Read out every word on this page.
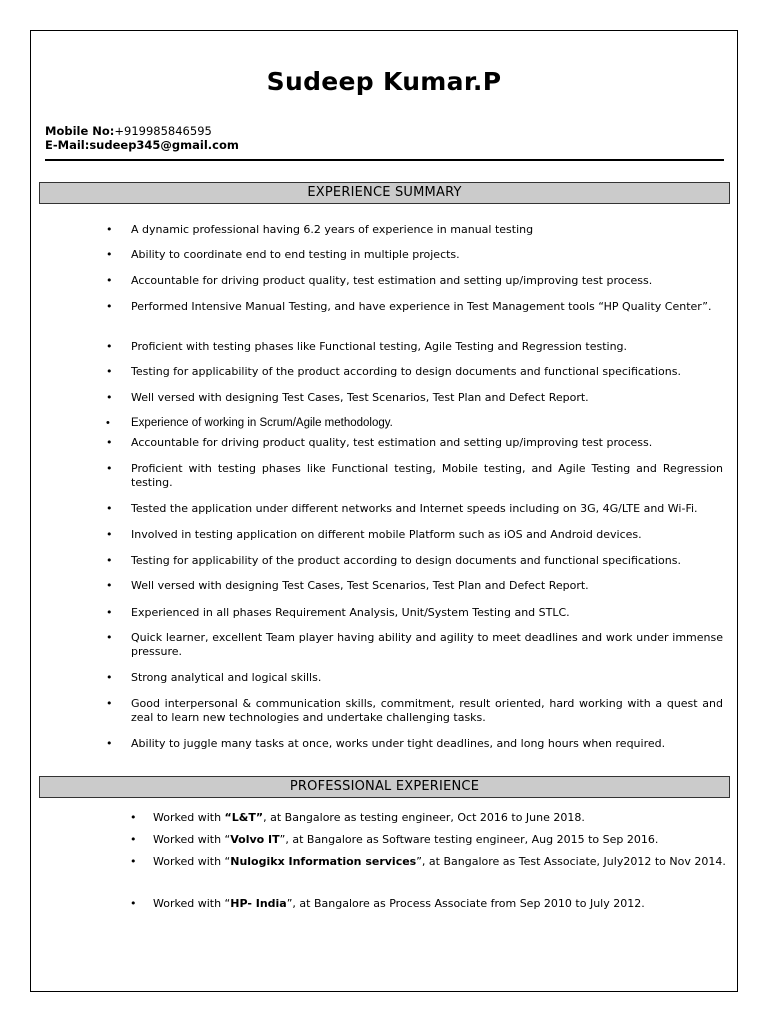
Sudeep Kumar.P
Mobile No:+919985846595
E-Mail:sudeep345@gmail.com
EXPERIENCE SUMMARY
• A dynamic professional having 6.2 years of experience in manual testing
• Ability to coordinate end to end testing in multiple projects.
• Accountable for driving product quality, test estimation and setting up/improving test process.
• Performed Intensive Manual Testing, and have experience in Test Management tools “HP Quality Center”.
• Proficient with testing phases like Functional testing, Agile Testing and Regression testing.
• Testing for applicability of the product according to design documents and functional specifications.
• Well versed with designing Test Cases, Test Scenarios, Test Plan and Defect Report.
• Experience of working in Scrum/Agile methodology.
• Accountable for driving product quality, test estimation and setting up/improving test process.
• Proficient with testing phases like Functional testing, Mobile testing, and Agile Testing and Regression testing.
• Tested the application under different networks and Internet speeds including on 3G, 4G/LTE and Wi-Fi.
• Involved in testing application on different mobile Platform such as iOS and Android devices.
• Testing for applicability of the product according to design documents and functional specifications.
• Well versed with designing Test Cases, Test Scenarios, Test Plan and Defect Report.
• Experienced in all phases Requirement Analysis, Unit/System Testing and STLC.
• Quick learner, excellent Team player having ability and agility to meet deadlines and work under immense pressure.
• Strong analytical and logical skills.
• Good interpersonal & communication skills, commitment, result oriented, hard working with a quest and zeal to learn new technologies and undertake challenging tasks.
• Ability to juggle many tasks at once, works under tight deadlines, and long hours when required.
PROFESSIONAL EXPERIENCE
• Worked with “L&T”, at Bangalore as testing engineer, Oct 2016 to June 2018.
• Worked with “Volvo IT”, at Bangalore as Software testing engineer, Aug 2015 to Sep 2016.
• Worked with “Nulogikx Information services”, at Bangalore as Test Associate, July2012 to Nov 2014.
• Worked with “HP- India”, at Bangalore as Process Associate from Sep 2010 to July 2012.
